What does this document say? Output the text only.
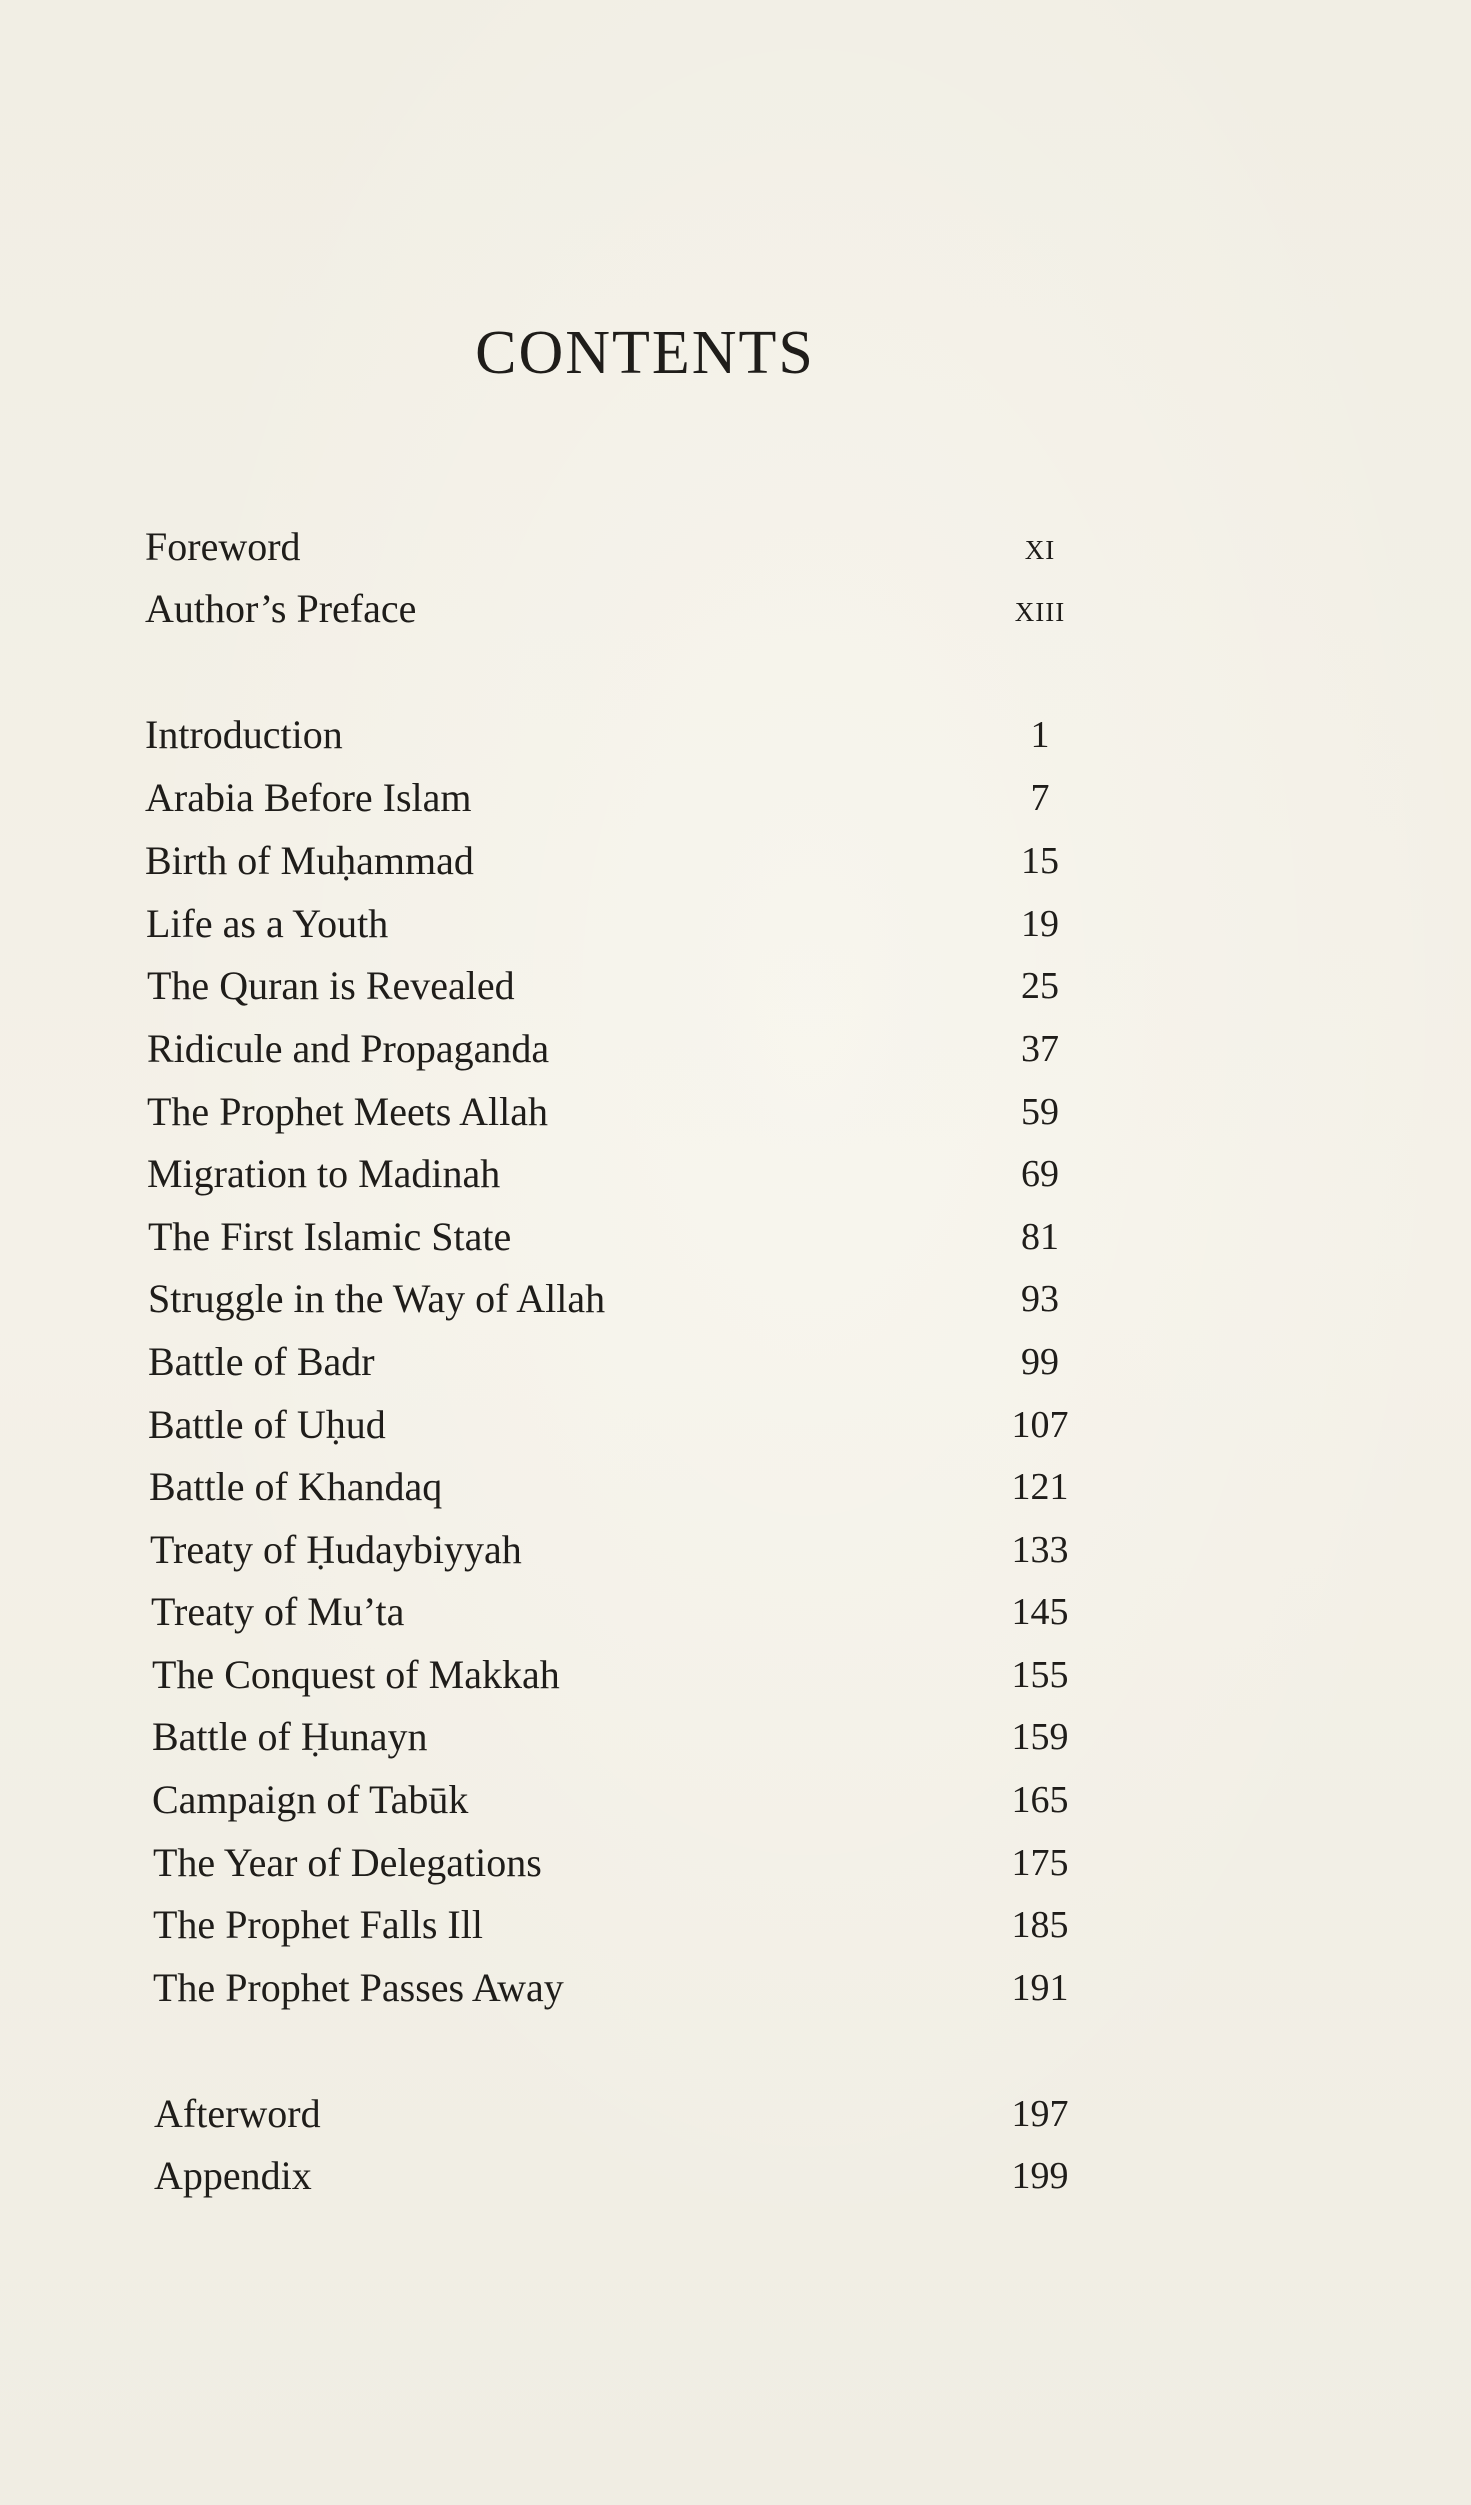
CONTENTS
Foreword	xi
Author’s Preface	xiii
Introduction	1
Arabia Before Islam	7
Birth of Muḥammad	15
Life as a Youth	19
The Quran is Revealed	25
Ridicule and Propaganda	37
The Prophet Meets Allah	59
Migration to Madinah	69
The First Islamic State	81
Struggle in the Way of Allah	93
Battle of Badr	99
Battle of Uḥud	107
Battle of Khandaq	121
Treaty of Ḥudaybiyyah	133
Treaty of Mu’ta	145
The Conquest of Makkah	155
Battle of Ḥunayn	159
Campaign of Tabūk	165
The Year of Delegations	175
The Prophet Falls Ill	185
The Prophet Passes Away	191
Afterword	197
Appendix	199
